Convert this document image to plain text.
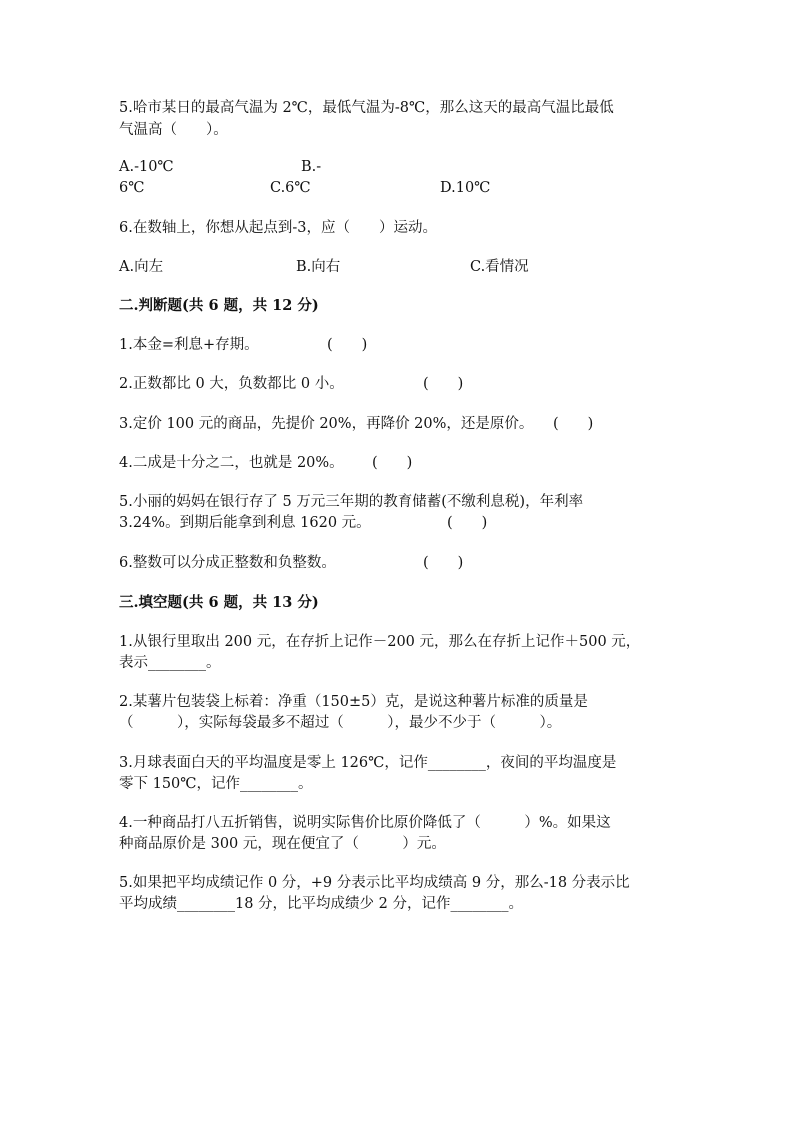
5.哈市某日的最高气温为 2℃，最低气温为-8℃，那么这天的最高气温比最低
气温高（　　）。
A.-10℃	B.-
6℃	C.6℃	D.10℃
6.在数轴上，你想从起点到-3，应（　　）运动。
A.向左	B.向右	C.看情况
二.判断题(共 6 题，共 12 分)
1.本金=利息+存期。	(　　)
2.正数都比 0 大，负数都比 0 小。	(　　)
3.定价 100 元的商品，先提价 20%，再降价 20%，还是原价。 (　　)
4.二成是十分之二，也就是 20%。 (　　)
5.小丽的妈妈在银行存了 5 万元三年期的教育储蓄(不缴利息税)，年利率
3.24%。到期后能拿到利息 1620 元。	(　　)
6.整数可以分成正整数和负整数。	(　　)
三.填空题(共 6 题，共 13 分)
1.从银行里取出 200 元，在存折上记作－200 元，那么在存折上记作＋500 元，
表示________。
2.某薯片包装袋上标着：净重（150±5）克，是说这种薯片标准的质量是
（　　　），实际每袋最多不超过（　　　），最少不少于（　　　）。
3.月球表面白天的平均温度是零上 126℃，记作________，夜间的平均温度是
零下 150℃，记作________。
4.一种商品打八五折销售，说明实际售价比原价降低了（　　　）%。如果这
种商品原价是 300 元，现在便宜了（　　　）元。
5.如果把平均成绩记作 0 分，+9 分表示比平均成绩高 9 分，那么-18 分表示比
平均成绩________18 分，比平均成绩少 2 分，记作________。
